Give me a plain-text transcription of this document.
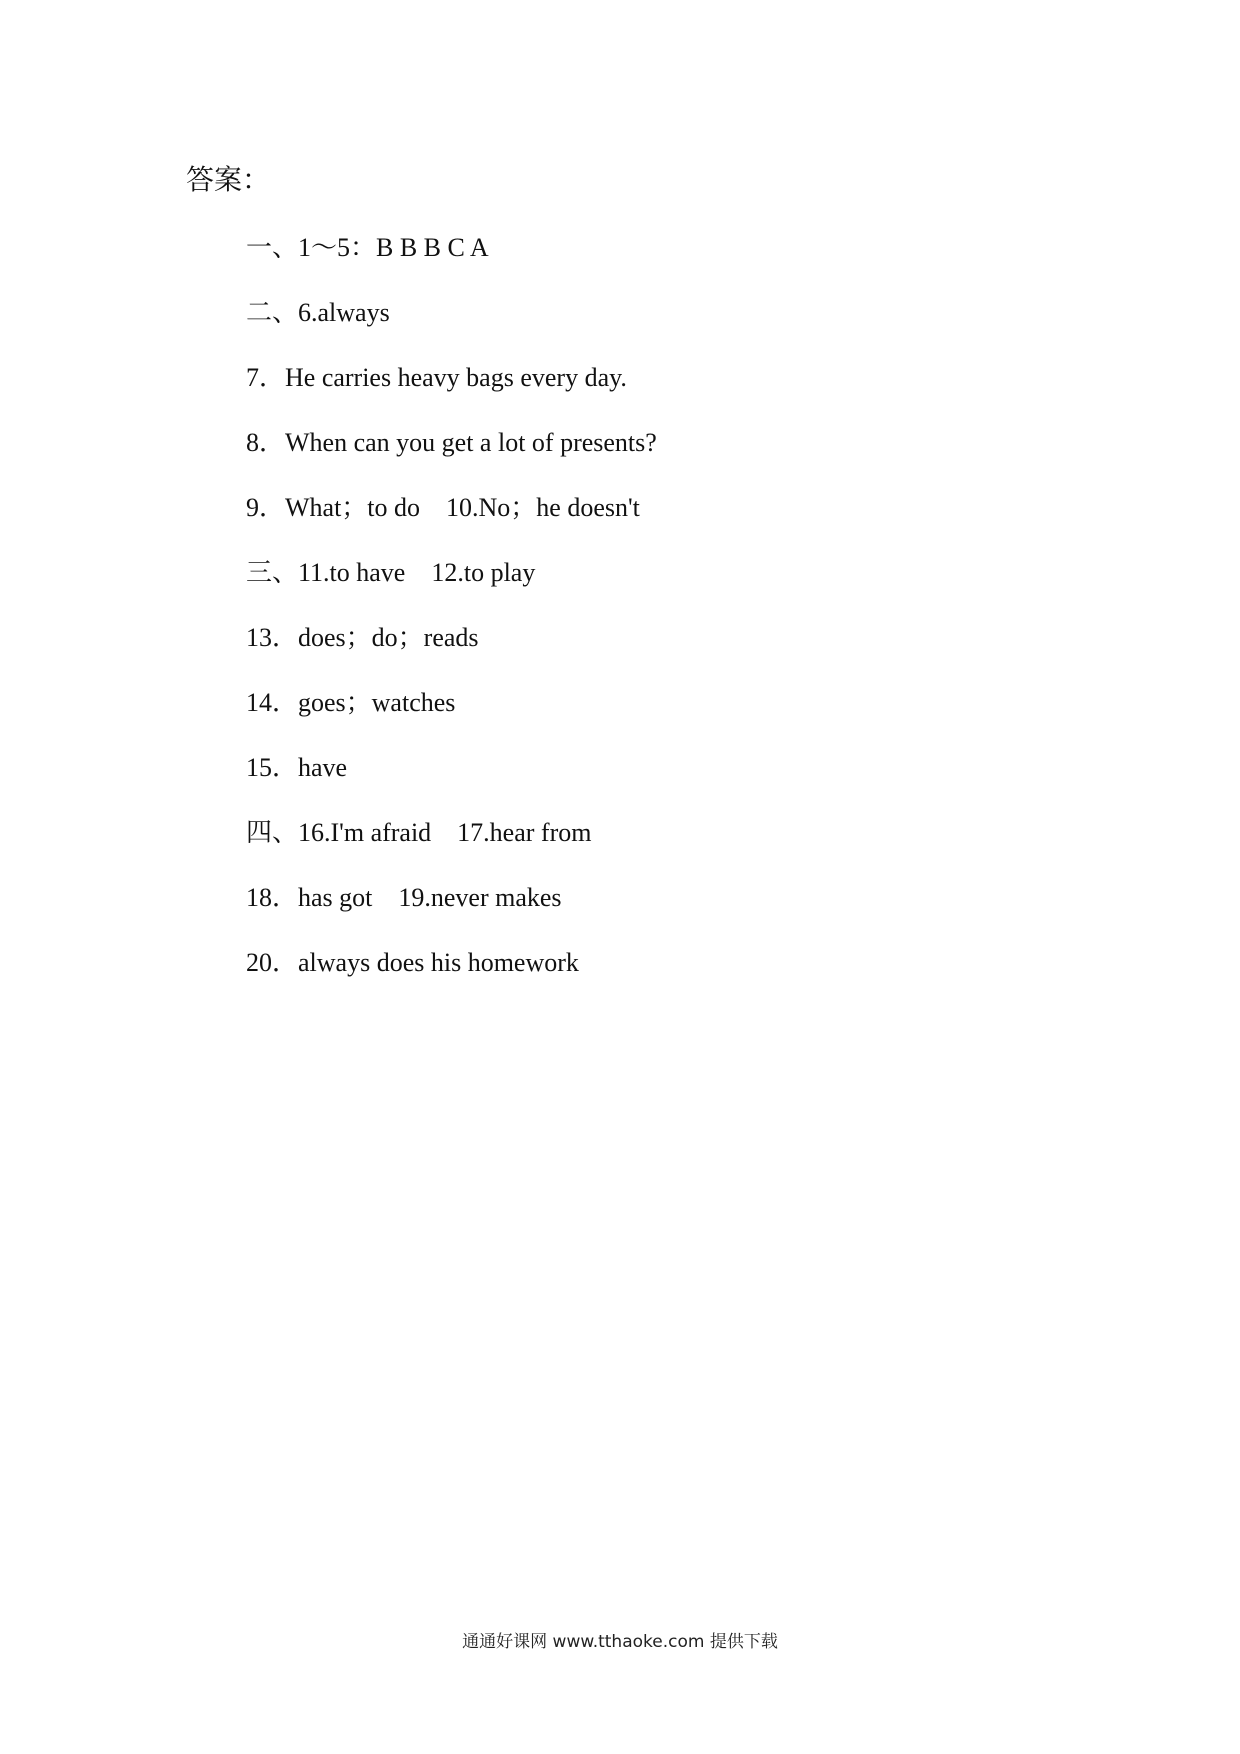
答案：
一、1～5：B B B C A
二、6.always
7．He carries heavy bags every day.
8．When can you get a lot of presents?
9．What；to do　10.No；he doesn't
三、11.to have　12.to play
13．does；do；reads
14．goes；watches
15．have
四、16.I'm afraid　17.hear from
18．has got　19.never makes
20．always does his homework
通通好课网 www.tthaoke.com 提供下载
